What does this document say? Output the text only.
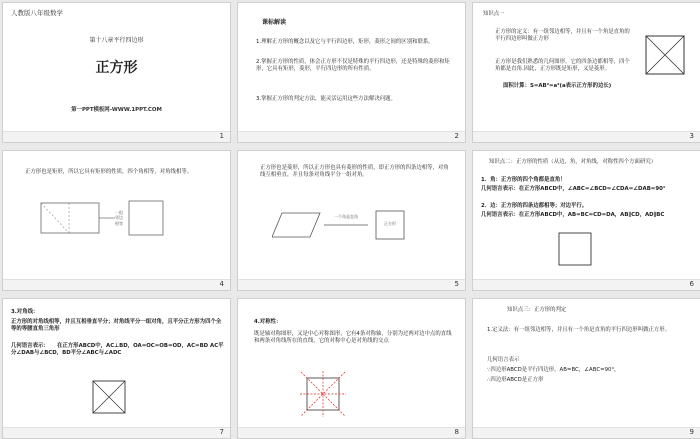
人教版八年级数学
第十八章平行四边形
正方形
第一PPT模板网-WWW.1PPT.COM
1
课标解读
1.理解正方形的概念以及它与平行四边形，矩形，菱形之间的区别和联系。
2.掌握正方形的性质，体会正方形不仅是特殊的平行四边形，还是特殊的菱形和矩形，它具有矩形，菱形，平行四边形的所有性质。
3.掌握正方形的判定方法，能灵活运用这些方法解决问题。
2
知识点一
正方形的定义：有一组邻边相等，并且有一个角是直角的平行四边形叫做正方形
正方形是我们熟悉的几何图形，它的四条边都相等，四个角都是直角.因此，正方形既是矩形，又是菱形。
面积计算：S=AB²=a²(a表示正方形的边长)
3
正方形也是矩形，所以它具有矩形的性质，四个角相等，对角线相等。
一组邻边相等
4
正方形也是菱形，所以正方形也具有菱形的性质，即正方形的四条边相等，对角线互相垂直，并且每条对角线平分一组对角。
一个角是直角
正方形
5
知识点二：正方形的性质（从边，角，对角线，对称性四个方面研究）
1．角：正方形的四个角都是直角！
几何语言表示：在正方形ABCD中，∠ABC=∠BCD=∠CDA=∠DAB=90°
2．边：正方形的四条边都相等；对边平行。
几何语言表示：在正方形ABCD中，AB=BC=CD=DA，AB∥CD，AD∥BC
6
3.对角线：
正方形的对角线相等，并且互相垂直平分；对角线平分一组对角，且平分正方形为四个全等的等腰直角三角形
几何语言表示：	在正方形ABCD中，AC⊥BD，OA=OC=OB=OD，AC=BD AC平分∠DAB与∠BCD，BD平分∠ABC与∠ADC
7
4.对称性：
既是轴对称图形，又是中心对称图形，它有4条对称轴，分别为过两对边中点的直线和两条对角线所在的直线，它的对称中心是对角线的交点
8
知识点三：正方形的判定
1.定义法：有一组邻边相等，并且有一个角是直角的平行四边形叫做正方形。
几何语言表示
∵四边形ABCD是平行四边形，AB=BC，∠ABC=90°，
∴四边形ABCD是正方形
9
